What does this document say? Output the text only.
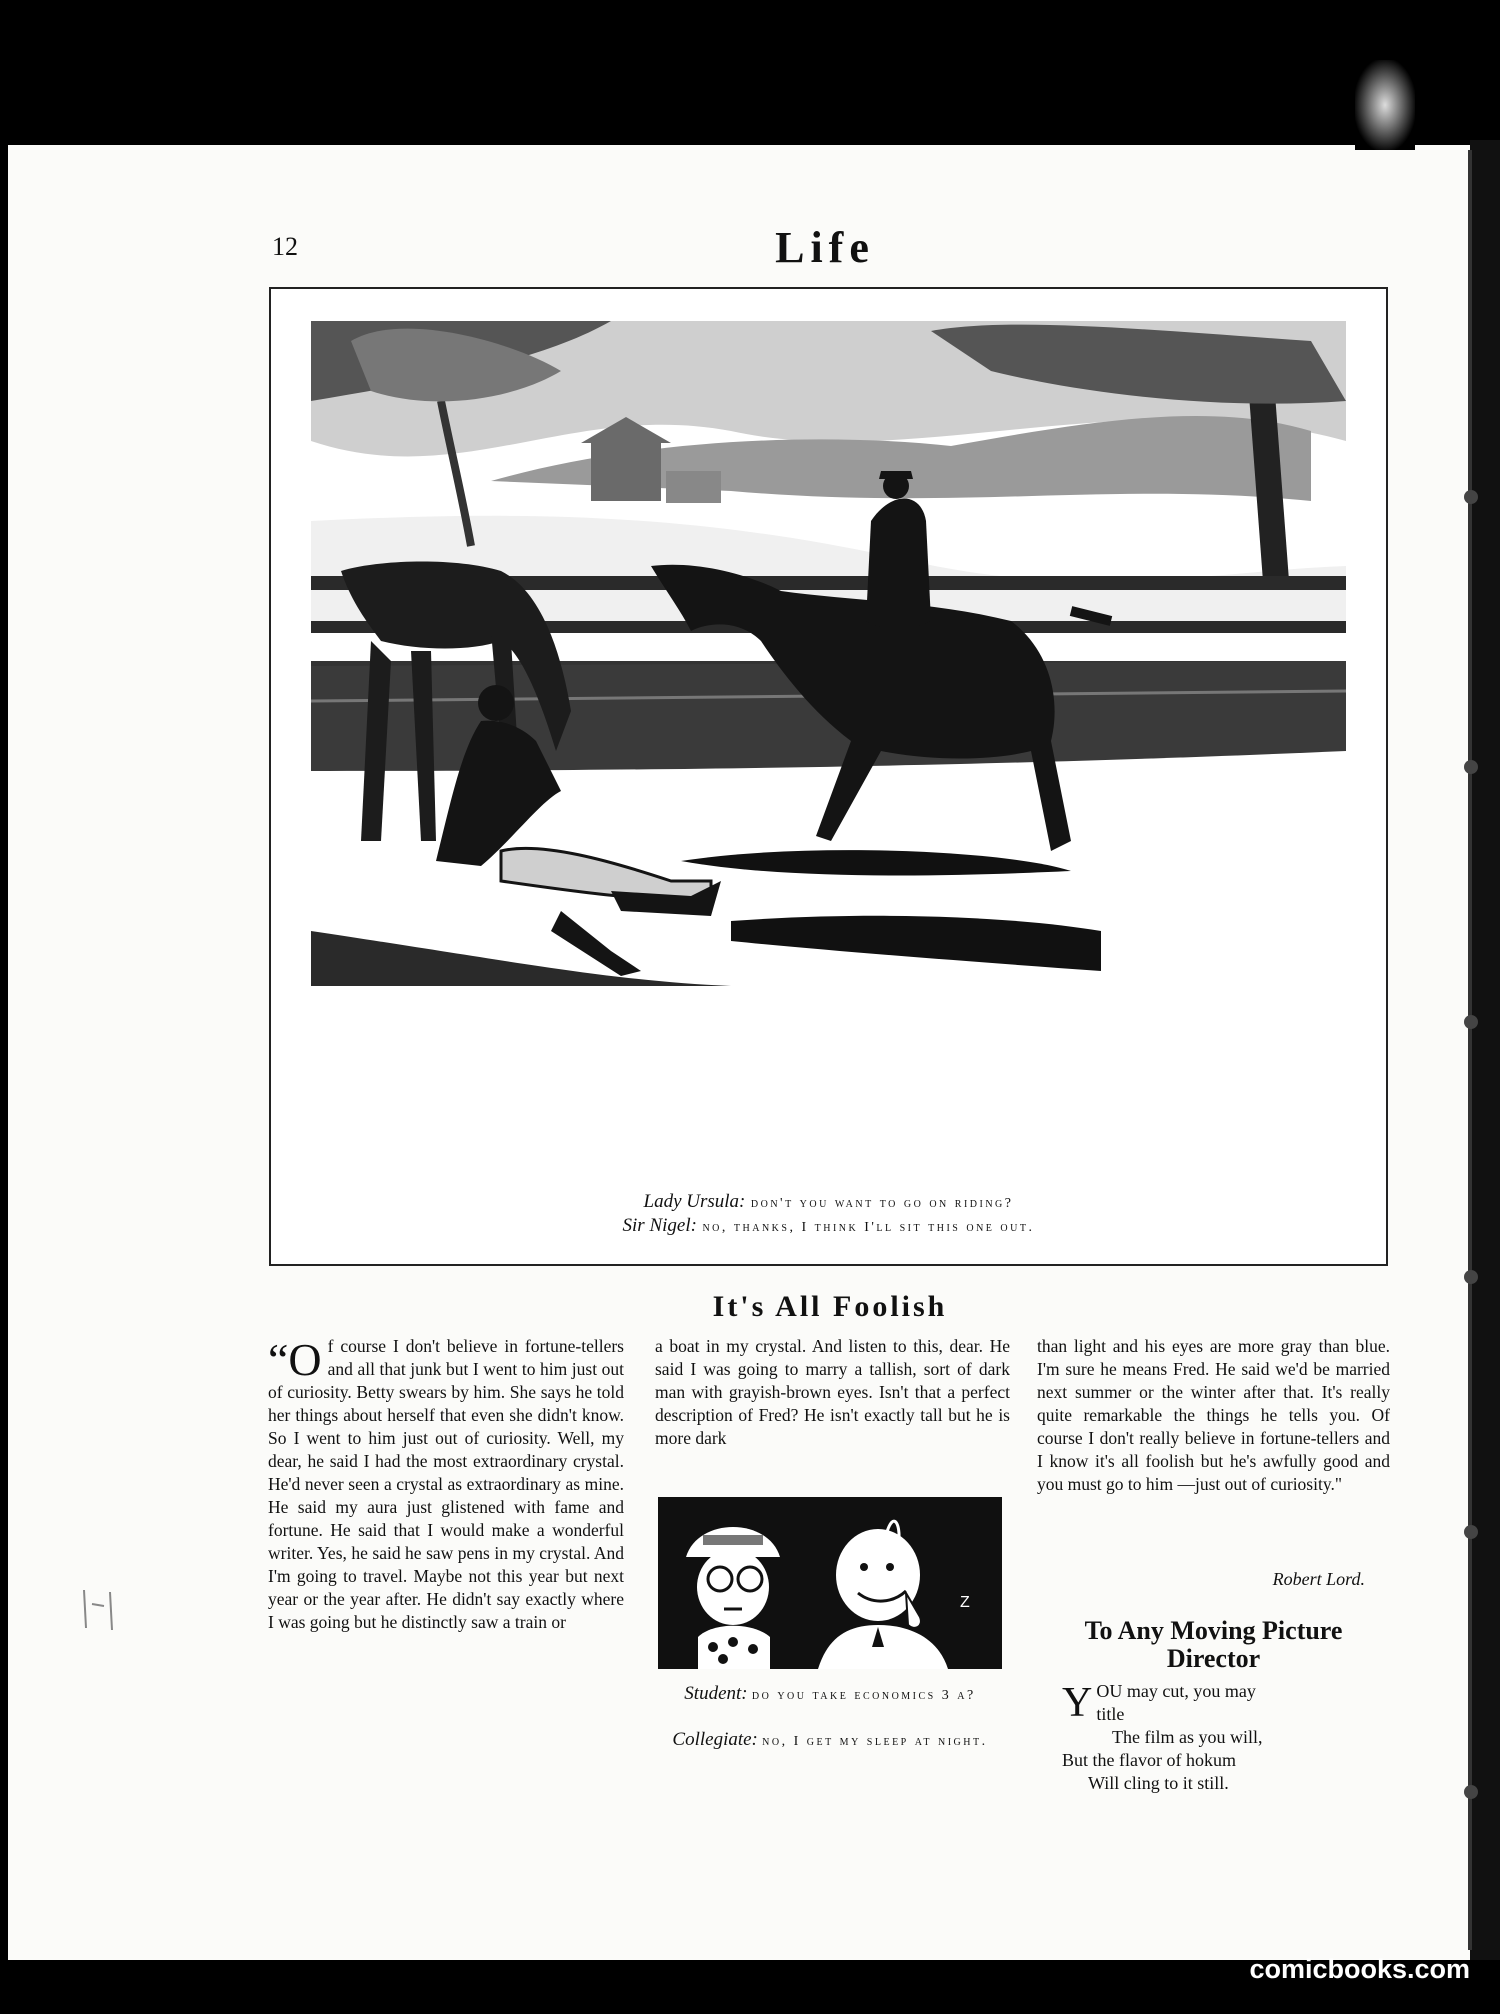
12	Life
Lady Ursula: don't you want to go on riding?
Sir Nigel: no, thanks, I think I'll sit this one out.
It's All Foolish
“Of course I don't believe in fortune-tellers and all that junk but I went to him just out of curiosity. Betty swears by him. She says he told her things about herself that even she didn't know. So I went to him just out of curiosity. Well, my dear, he said I had the most extraordinary crystal. He'd never seen a crystal as extraordinary as mine. He said my aura just glistened with fame and fortune. He said that I would make a wonderful writer. Yes, he said he saw pens in my crystal. And I'm going to travel. Maybe not this year but next year or the year after. He didn't say exactly where I was going but he distinctly saw a train or
a boat in my crystal. And listen to this, dear. He said I was going to marry a tallish, sort of dark man with grayish-brown eyes. Isn't that a perfect description of Fred? He isn't exactly tall but he is more dark
than light and his eyes are more gray than blue. I'm sure he means Fred. He said we'd be married next summer or the winter after that. It's really quite remarkable the things he tells you. Of course I don't really believe in fortune-tellers and I know it's all foolish but he's awfully good and you must go to him —just out of curiosity."
Z
Student: do you take economics 3 a?
Collegiate: no, I get my sleep at night.
Robert Lord.
To Any Moving Picture Director
Y OU may cut, you may title
The film as you will,
But the flavor of hokum
Will cling to it still.
comicbooks.com
